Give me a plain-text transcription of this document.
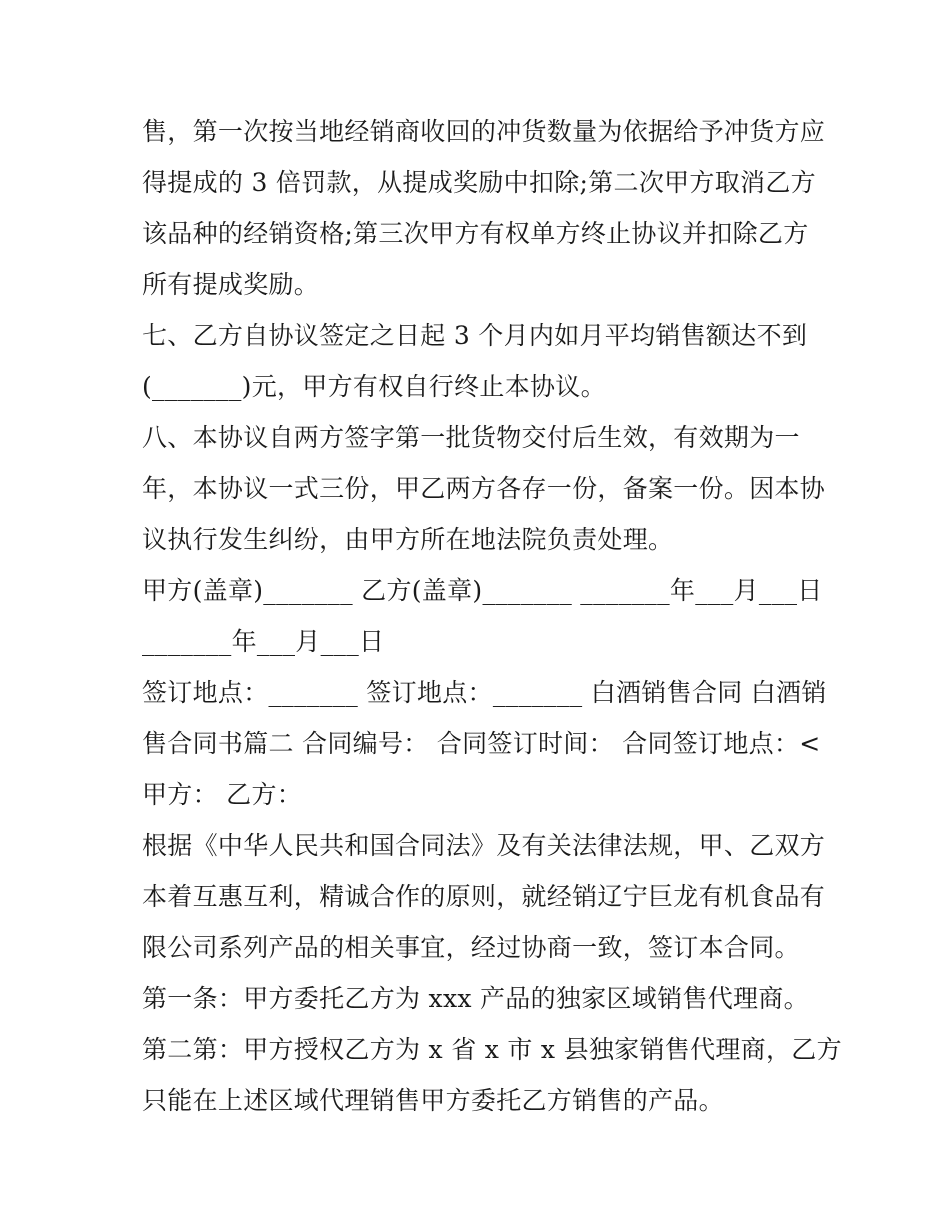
售，第一次按当地经销商收回的冲货数量为依据给予冲货方应
得提成的 3 倍罚款，从提成奖励中扣除;第二次甲方取消乙方
该品种的经销资格;第三次甲方有权单方终止协议并扣除乙方
所有提成奖励。
七、乙方自协议签定之日起 3 个月内如月平均销售额达不到
(_______)元，甲方有权自行终止本协议。
八、本协议自两方签字第一批货物交付后生效，有效期为一
年，本协议一式三份，甲乙两方各存一份，备案一份。因本协
议执行发生纠纷，由甲方所在地法院负责处理。
甲方(盖章)_______ 乙方(盖章)_______ _______年___月___日
_______年___月___日
签订地点：_______ 签订地点：_______ 白酒销售合同 白酒销
售合同书篇二 合同编号： 合同签订时间： 合同签订地点：<
甲方： 乙方：
根据《中华人民共和国合同法》及有关法律法规，甲、乙双方
本着互惠互利，精诚合作的原则，就经销辽宁巨龙有机食品有
限公司系列产品的相关事宜，经过协商一致，签订本合同。
第一条：甲方委托乙方为 xxx 产品的独家区域销售代理商。
第二第：甲方授权乙方为 x 省 x 市 x 县独家销售代理商，乙方
只能在上述区域代理销售甲方委托乙方销售的产品。
